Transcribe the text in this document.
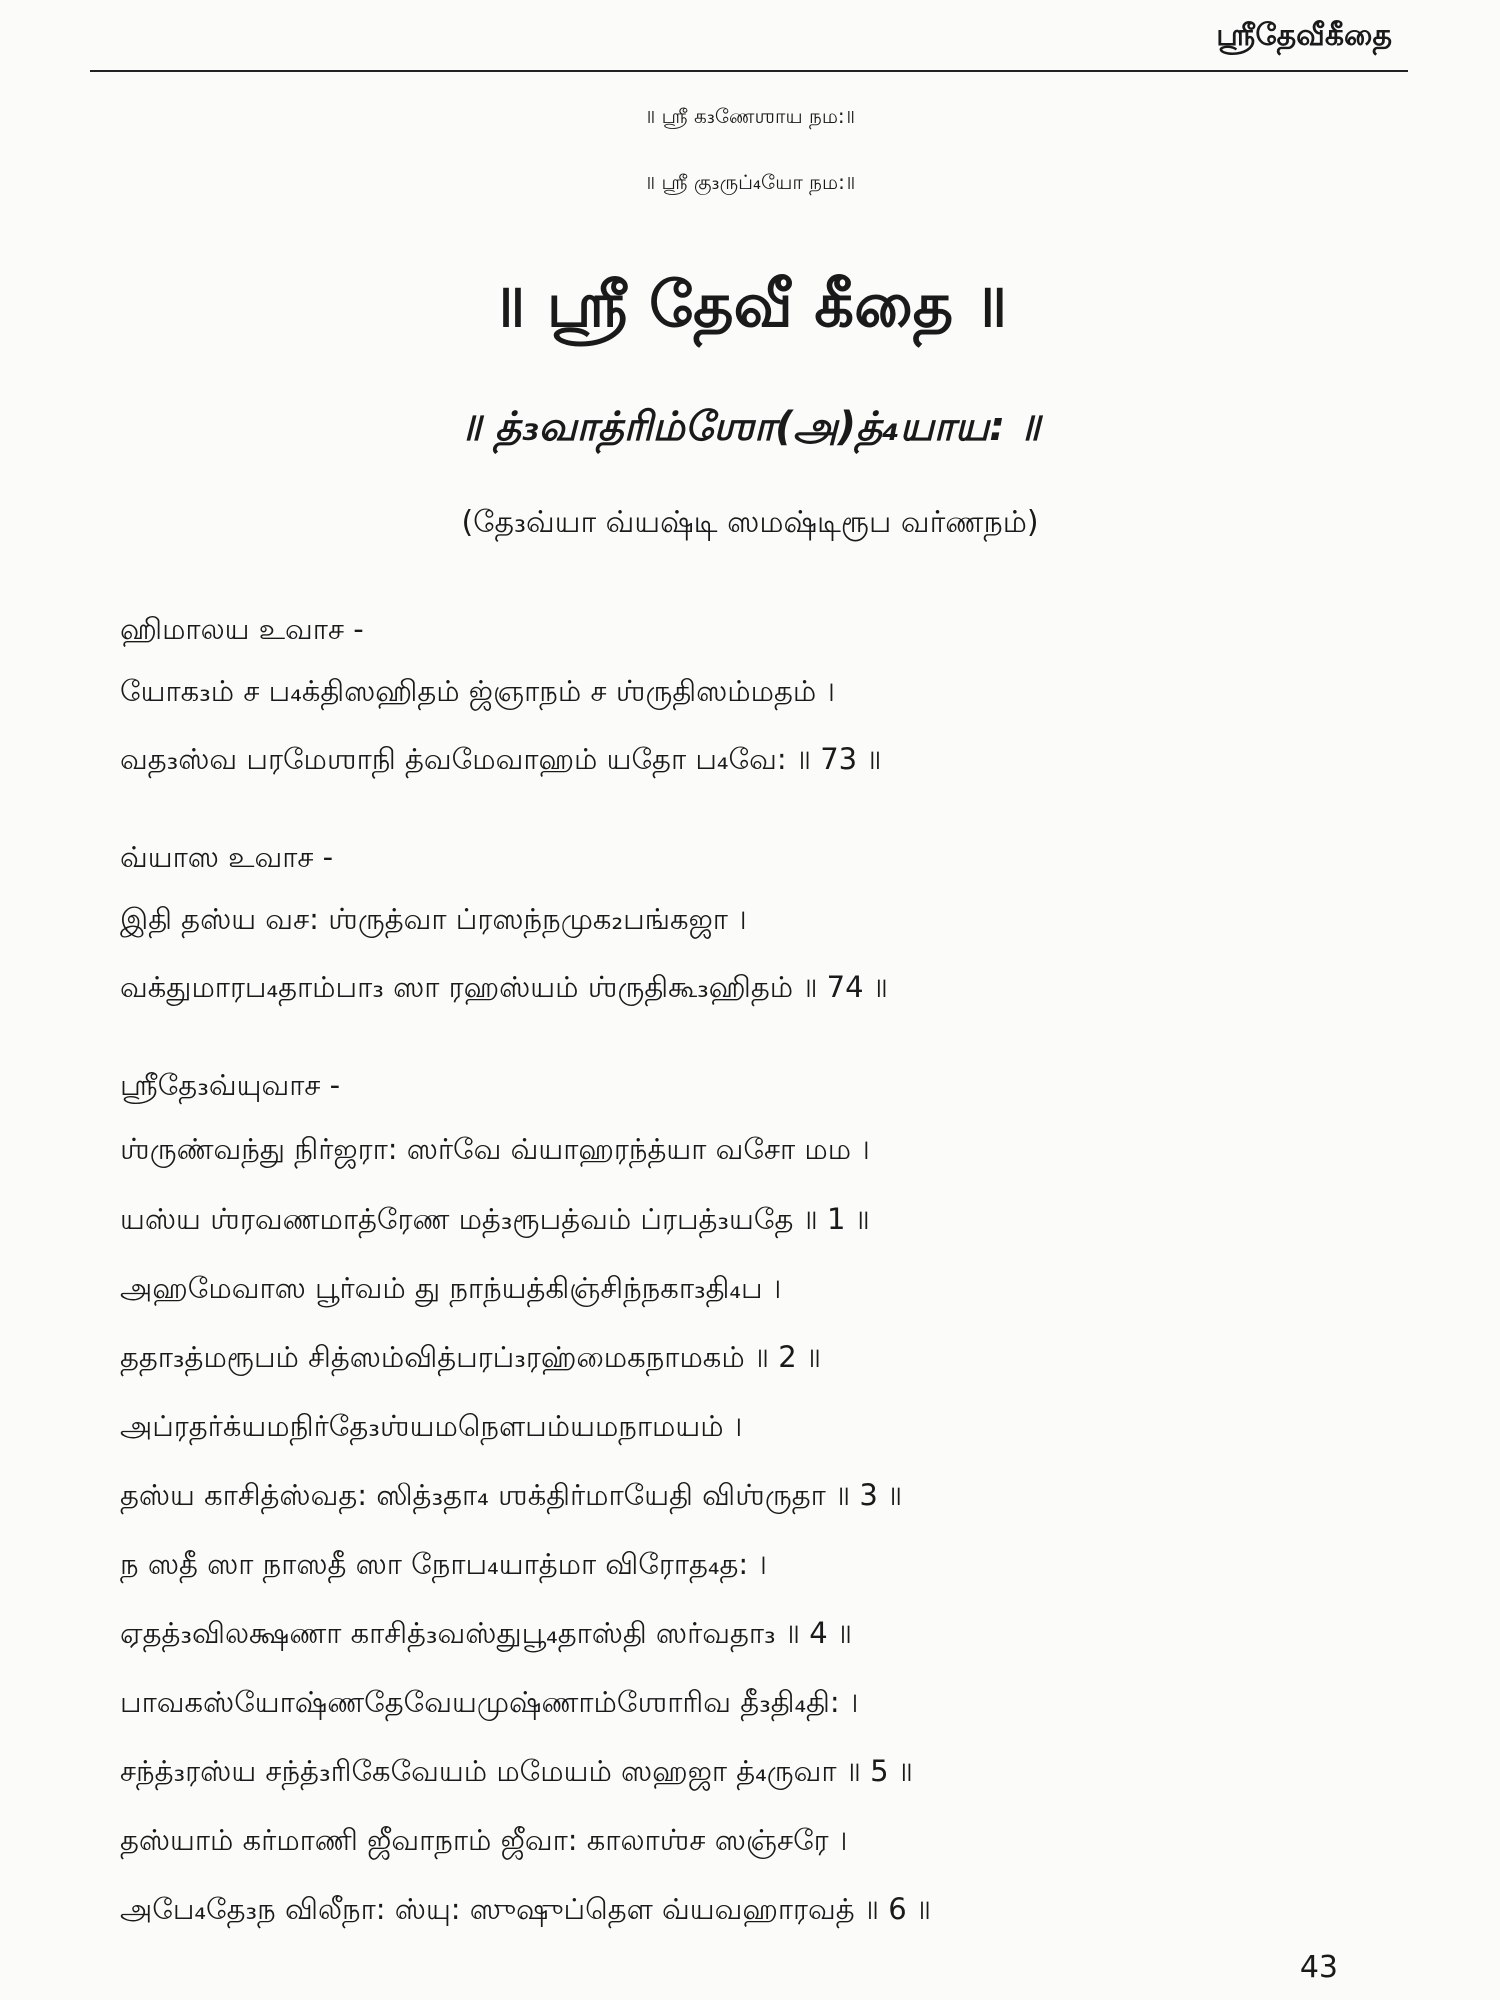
ஸ்ரீதேவீகீதை
॥ ஸ்ரீ க₃ணேஶாய நம꞉॥
॥ ஸ்ரீ கு₃ருப்₄யோ நம꞉॥
॥ ஸ்ரீ தேவீ கீதை ॥
॥ த்₃வாத்ரிம்ஶோ(அ)த்₄யாய꞉ ॥
(தே₃வ்யா வ்யஷ்டி ஸமஷ்டிரூப வர்ணநம்)
ஹிமாலய உவாச -
யோக₃ம் ச ப₄க்திஸஹிதம் ஜ்ஞாநம் ச ஶ்ருதிஸம்மதம் ।
வத₃ஸ்வ பரமேஶாநி த்வமேவாஹம் யதோ ப₄வே꞉ ॥ 73 ॥
வ்யாஸ உவாச -
இதி தஸ்ய வச꞉ ஶ்ருத்வா ப்ரஸந்நமுக₂பங்கஜா ।
வக்துமாரப₄தாம்பா₃ ஸா ரஹஸ்யம் ஶ்ருதிகூ₃ஹிதம் ॥ 74 ॥
ஸ்ரீதே₃வ்யுவாச -
ஶ்ருண்வந்து நிர்ஜரா꞉ ஸர்வே வ்யாஹரந்த்யா வசோ மம ।
யஸ்ய ஶ்ரவணமாத்ரேண மத்₃ரூபத்வம் ப்ரபத்₃யதே ॥ 1 ॥
அஹமேவாஸ பூர்வம் து நாந்யத்கிஞ்சிந்நகா₃தி₄ப ।
ததா₃த்மரூபம் சித்ஸம்வித்பரப்₃ரஹ்மைகநாமகம் ॥ 2 ॥
அப்ரதர்க்யமநிர்தே₃ஶ்யமநௌபம்யமநாமயம் ।
தஸ்ய காசித்ஸ்வத꞉ ஸித்₃தா₄ ஶக்திர்மாயேதி விஶ்ருதா ॥ 3 ॥
ந ஸதீ ஸா நாஸதீ ஸா நோப₄யாத்மா விரோத₄த꞉ ।
ஏதத்₃விலக்ஷணா காசித்₃வஸ்துபூ₄தாஸ்தி ஸர்வதா₃ ॥ 4 ॥
பாவகஸ்யோஷ்ணதேவேயமுஷ்ணாம்ஶோரிவ தீ₃தி₄தி꞉ ।
சந்த்₃ரஸ்ய சந்த்₃ரிகேவேயம் மமேயம் ஸஹஜா த்₄ருவா ॥ 5 ॥
தஸ்யாம் கர்மாணி ஜீவாநாம் ஜீவா꞉ காலாஶ்ச ஸஞ்சரே ।
அபே₄தே₃ந விலீநா꞉ ஸ்யு꞉ ஸுஷுப்தௌ வ்யவஹாரவத் ॥ 6 ॥
43
